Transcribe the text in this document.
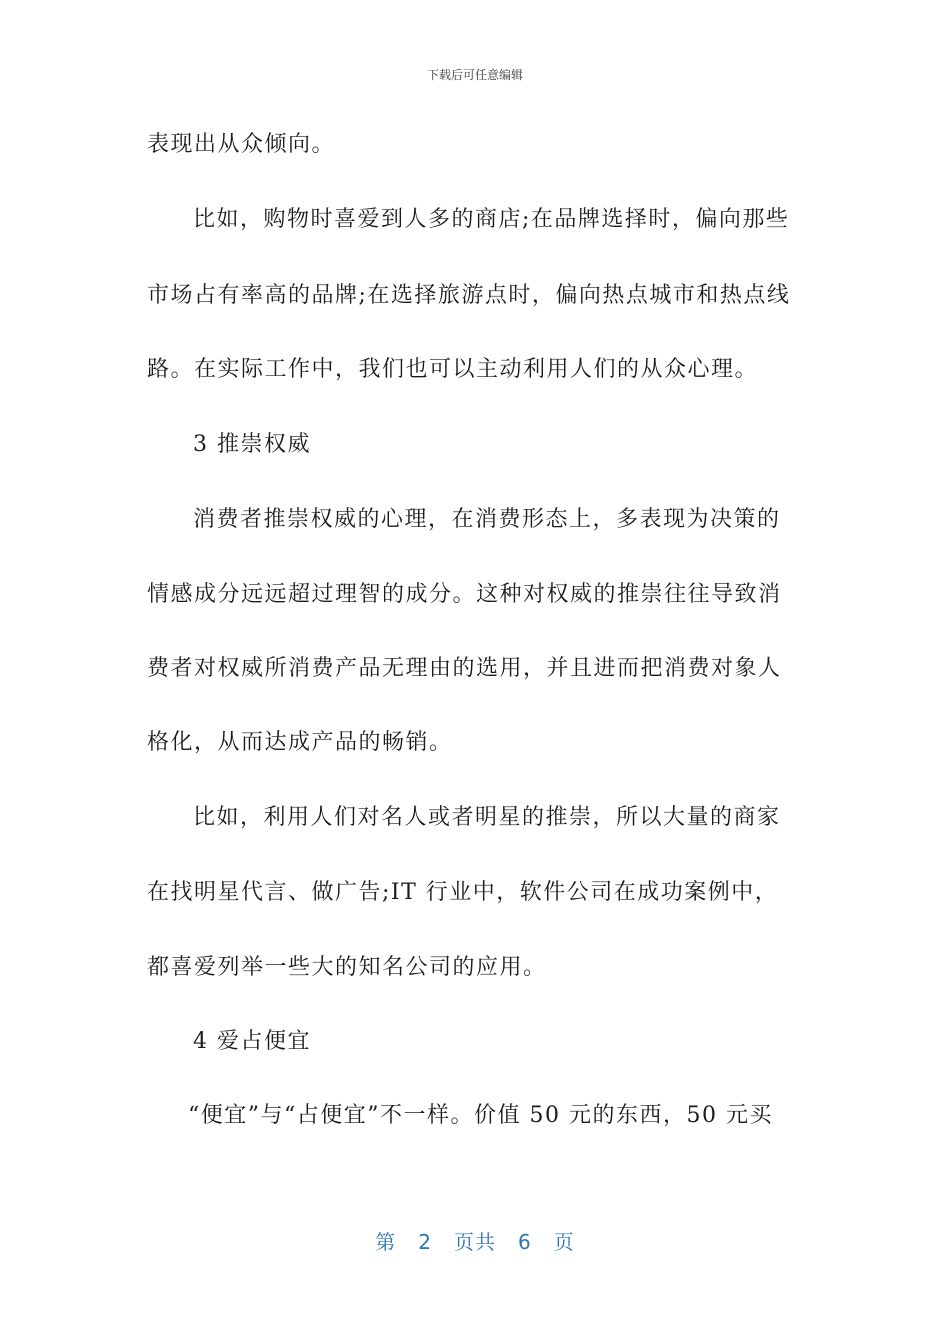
下载后可任意编辑
表现出从众倾向。
比如，购物时喜爱到人多的商店;在品牌选择时，偏向那些
市场占有率高的品牌;在选择旅游点时，偏向热点城市和热点线
路。在实际工作中，我们也可以主动利用人们的从众心理。
3 推崇权威
消费者推崇权威的心理，在消费形态上，多表现为决策的
情感成分远远超过理智的成分。这种对权威的推崇往往导致消
费者对权威所消费产品无理由的选用，并且进而把消费对象人
格化，从而达成产品的畅销。
比如，利用人们对名人或者明星的推崇，所以大量的商家
在找明星代言、做广告;IT 行业中，软件公司在成功案例中，
都喜爱列举一些大的知名公司的应用。
4 爱占便宜
“便宜”与“占便宜”不一样。价值 50 元的东西，50 元买
第 2 页共 6 页
